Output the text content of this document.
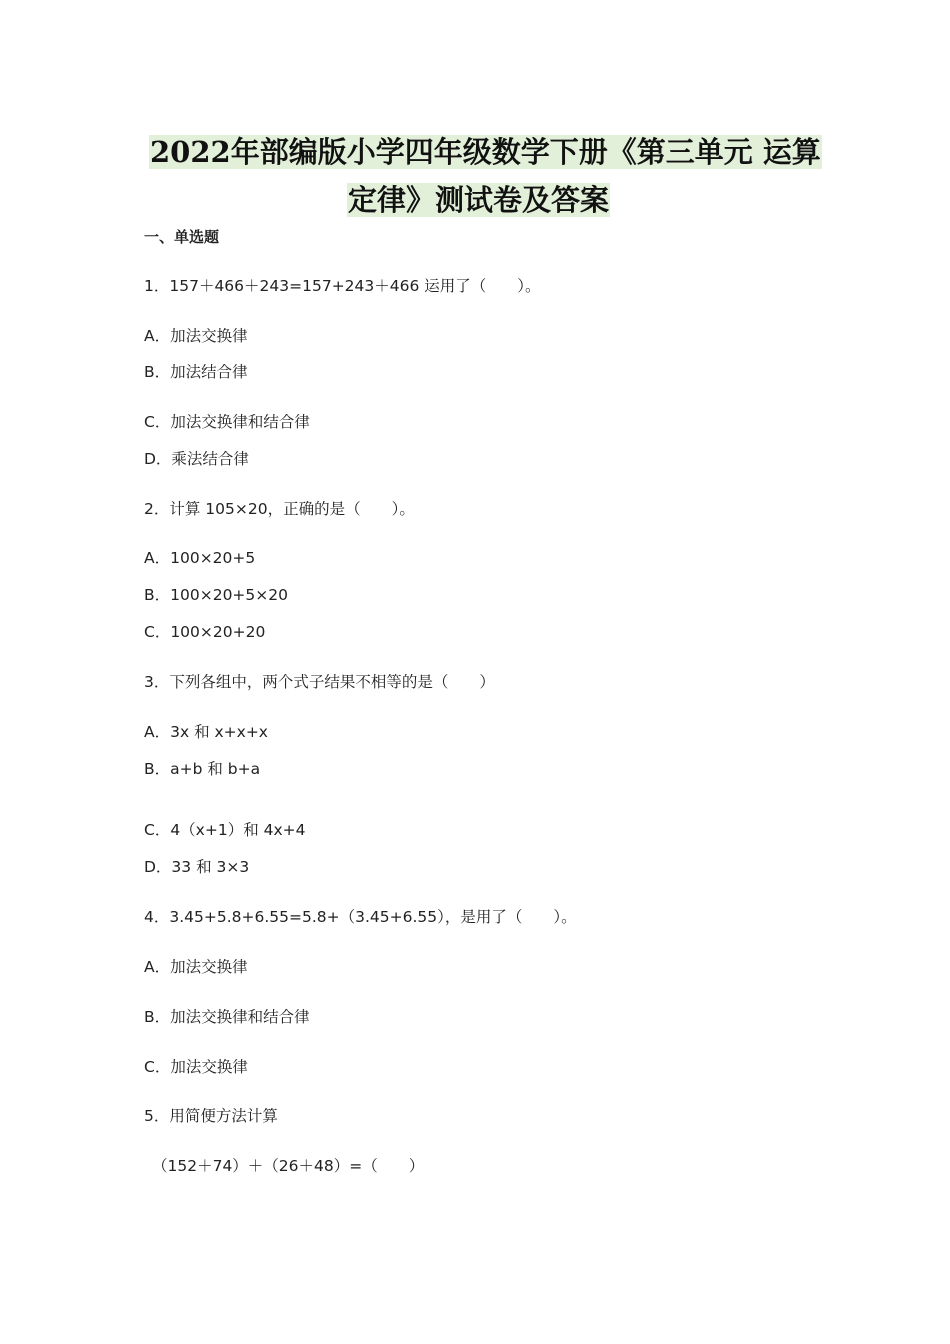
2022年部编版小学四年级数学下册《第三单元 运算
定律》测试卷及答案
一、单选题
1．157＋466＋243=157+243＋466 运用了（　　）。
A．加法交换律
B．加法结合律
C．加法交换律和结合律
D．乘法结合律
2．计算 105×20，正确的是（　　）。
A．100×20+5
B．100×20+5×20
C．100×20+20
3．下列各组中，两个式子结果不相等的是（　　）
A．3x 和 x+x+x
B．a+b 和 b+a
C．4（x+1）和 4x+4
D．33 和 3×3
4．3.45+5.8+6.55=5.8+（3.45+6.55），是用了（　　）。
A．加法交换律
B．加法交换律和结合律
C．加法交换律
5．用简便方法计算
（152＋74）＋（26＋48）=（　　）
